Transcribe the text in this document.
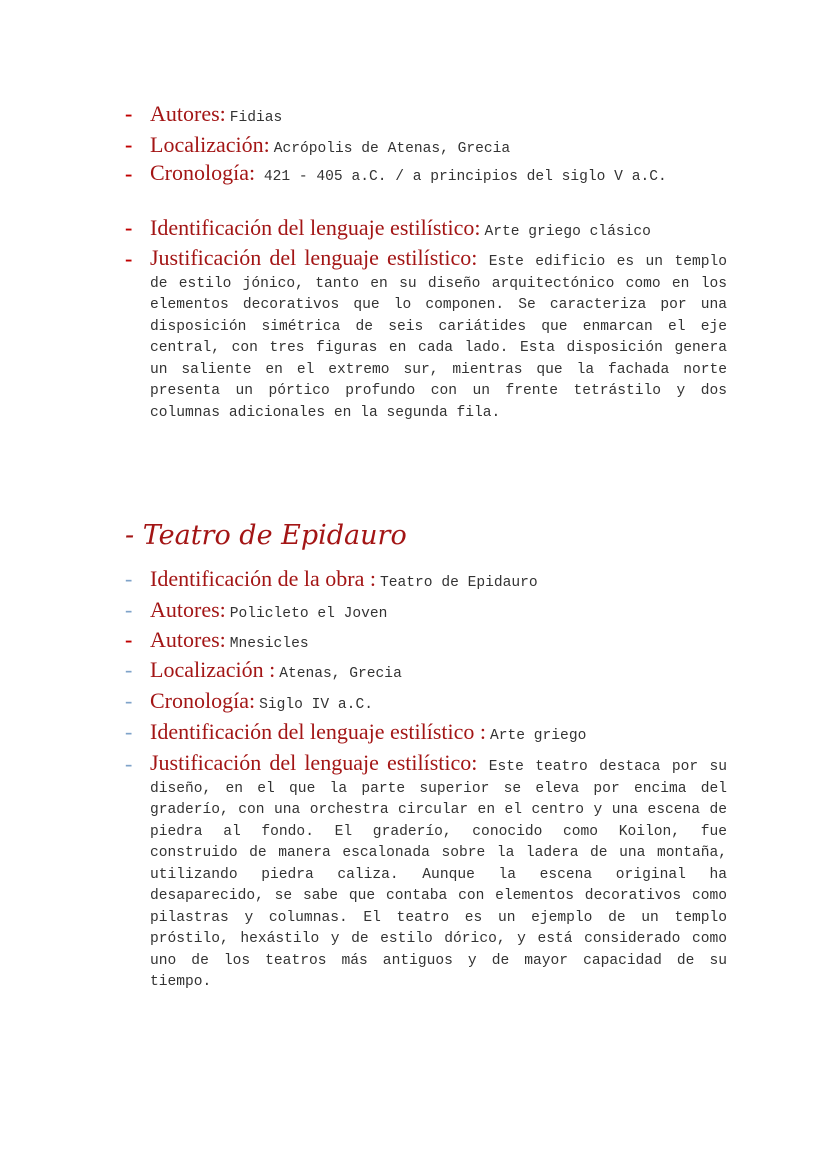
- Autores: Fidias
- Localización: Acrópolis de Atenas, Grecia
- Cronología: 421 - 405 a.C. / a principios del siglo V a.C.
- Identificación del lenguaje estilístico: Arte griego clásico
- Justificación del lenguaje estilístico: Este edificio es un templo de estilo jónico, tanto en su diseño arquitectónico como en los elementos decorativos que lo componen. Se caracteriza por una disposición simétrica de seis cariátides que enmarcan el eje central, con tres figuras en cada lado. Esta disposición genera un saliente en el extremo sur, mientras que la fachada norte presenta un pórtico profundo con un frente tetrástilo y dos columnas adicionales en la segunda fila.
- Teatro de Epidauro
- Identificación de la obra : Teatro de Epidauro
- Autores: Policleto el Joven
- Autores: Mnesicles
- Localización : Atenas, Grecia
- Cronología: Siglo IV a.C.
- Identificación del lenguaje estilístico : Arte griego
- Justificación del lenguaje estilístico: Este teatro destaca por su diseño, en el que la parte superior se eleva por encima del graderío, con una orchestra circular en el centro y una escena de piedra al fondo. El graderío, conocido como Koilon, fue construido de manera escalonada sobre la ladera de una montaña, utilizando piedra caliza. Aunque la escena original ha desaparecido, se sabe que contaba con elementos decorativos como pilastras y columnas. El teatro es un ejemplo de un templo próstilo, hexástilo y de estilo dórico, y está considerado como uno de los teatros más antiguos y de mayor capacidad de su tiempo.
